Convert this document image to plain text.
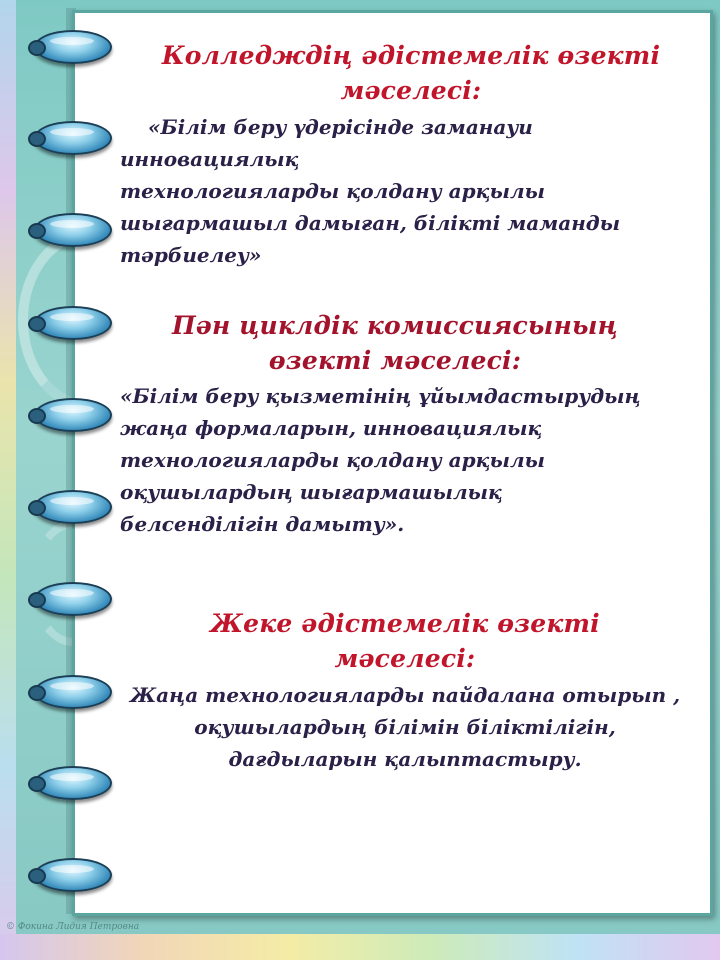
Колледждің әдістемелік өзекті
мәселесі:

«Білім беру үдерісінде заманауи инновациялық
технологияларды қолдану арқылы
шығармашыл дамыған, білікті маманды
тәрбиелеу»

Пән циклдік комиссиясының
өзекті мәселесі:

«Білім беру қызметінің ұйымдастырудың
жаңа формаларын, инновациялық
технологияларды қолдану арқылы
оқушылардың шығармашылық
белсенділігін дамыту».

Жеке әдістемелік өзекті
мәселесі:

Жаңа технологияларды пайдалана отырып ,
оқушылардың білімін біліктілігін,
дағдыларын қалыптастыру.

© Фокина Лидия Петровна
